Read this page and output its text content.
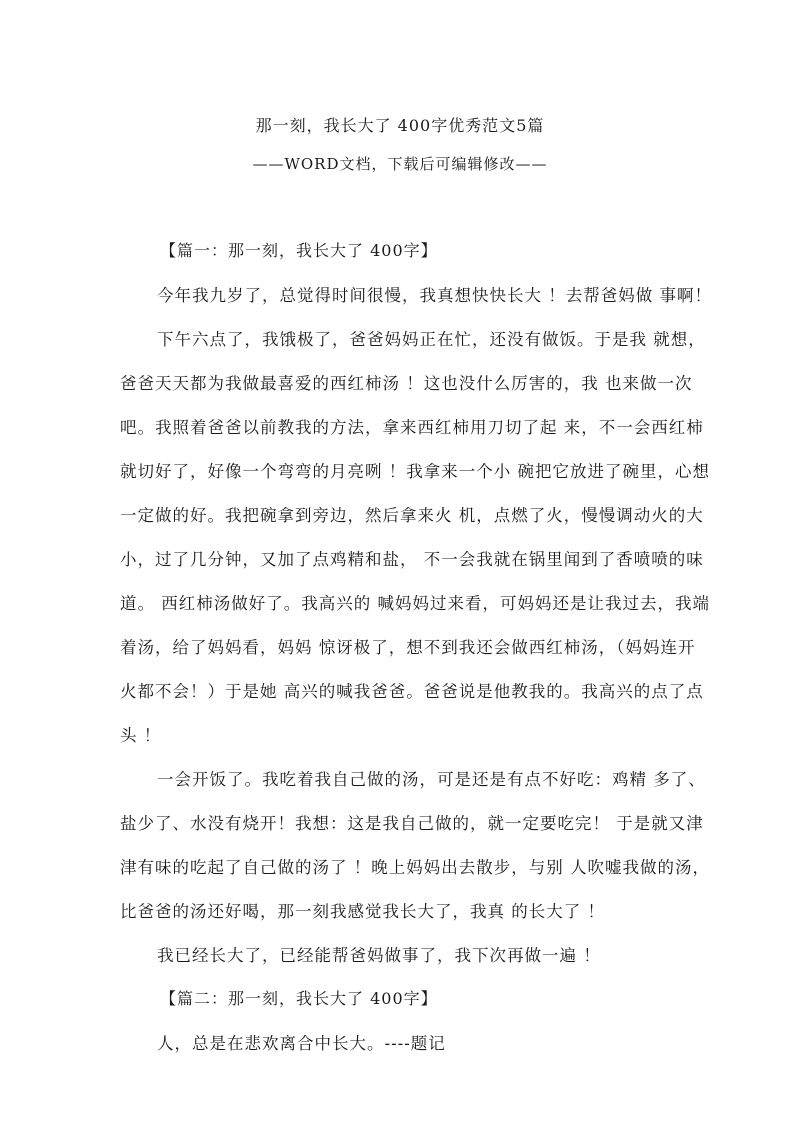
那一刻，我长大了 400字优秀范文5篇
——WORD文档，下载后可编辑修改——
【篇一：那一刻，我长大了 400字】
今年我九岁了，总觉得时间很慢，我真想快快长大 ！去帮爸妈做 事啊！
下午六点了，我饿极了，爸爸妈妈正在忙，还没有做饭。于是我 就想，
爸爸天天都为我做最喜爱的西红柿汤 ！这也没什么厉害的，我 也来做一次
吧。我照着爸爸以前教我的方法，拿来西红柿用刀切了起 来，不一会西红柿
就切好了，好像一个弯弯的月亮咧 ！我拿来一个小 碗把它放进了碗里，心想
一定做的好。我把碗拿到旁边，然后拿来火 机，点燃了火，慢慢调动火的大
小，过了几分钟，又加了点鸡精和盐， 不一会我就在锅里闻到了香喷喷的味
道。 西红柿汤做好了。我高兴的 喊妈妈过来看，可妈妈还是让我过去，我端
着汤，给了妈妈看，妈妈 惊讶极了，想不到我还会做西红柿汤，（妈妈连开
火都不会！）于是她 高兴的喊我爸爸。爸爸说是他教我的。我高兴的点了点
头 ！
一会开饭了。我吃着我自己做的汤，可是还是有点不好吃：鸡精 多了、
盐少了、水没有烧开！我想：这是我自己做的，就一定要吃完！ 于是就又津
津有味的吃起了自己做的汤了 ！晚上妈妈出去散步，与别 人吹嘘我做的汤，
比爸爸的汤还好喝，那一刻我感觉我长大了，我真 的长大了 ！
我已经长大了，已经能帮爸妈做事了，我下次再做一遍 ！
【篇二：那一刻，我长大了 400字】
人，总是在悲欢离合中长大。----题记
